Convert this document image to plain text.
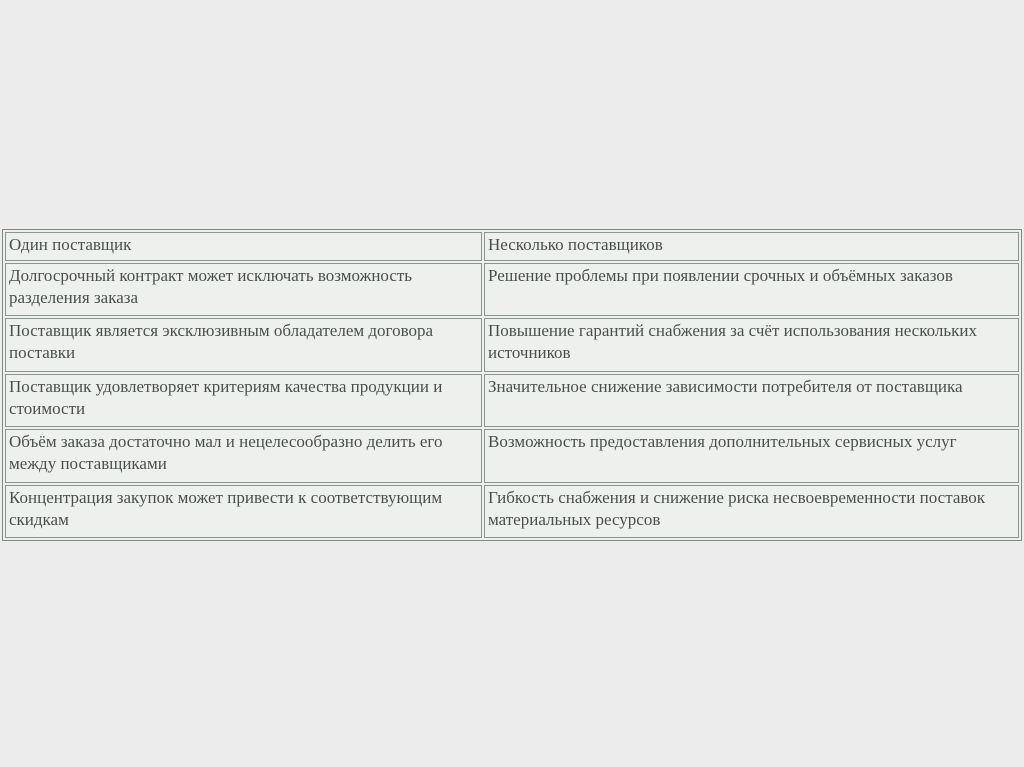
Один поставщик	Несколько поставщиков
Долгосрочный контракт может исключать возможность разделения заказа	Решение проблемы при появлении срочных и объёмных заказов
Поставщик является эксклюзивным обладателем договора поставки	Повышение гарантий снабжения за счёт использования нескольких источников
Поставщик удовлетворяет критериям качества продукции и стоимости	Значительное снижение зависимости потребителя от поставщика
Объём заказа достаточно мал и нецелесообразно делить его между поставщиками	Возможность предоставления дополнительных сервисных услуг
Концентрация закупок может привести к соответствующим скидкам	Гибкость снабжения и снижение риска несвоевременности поставок материальных ресурсов
